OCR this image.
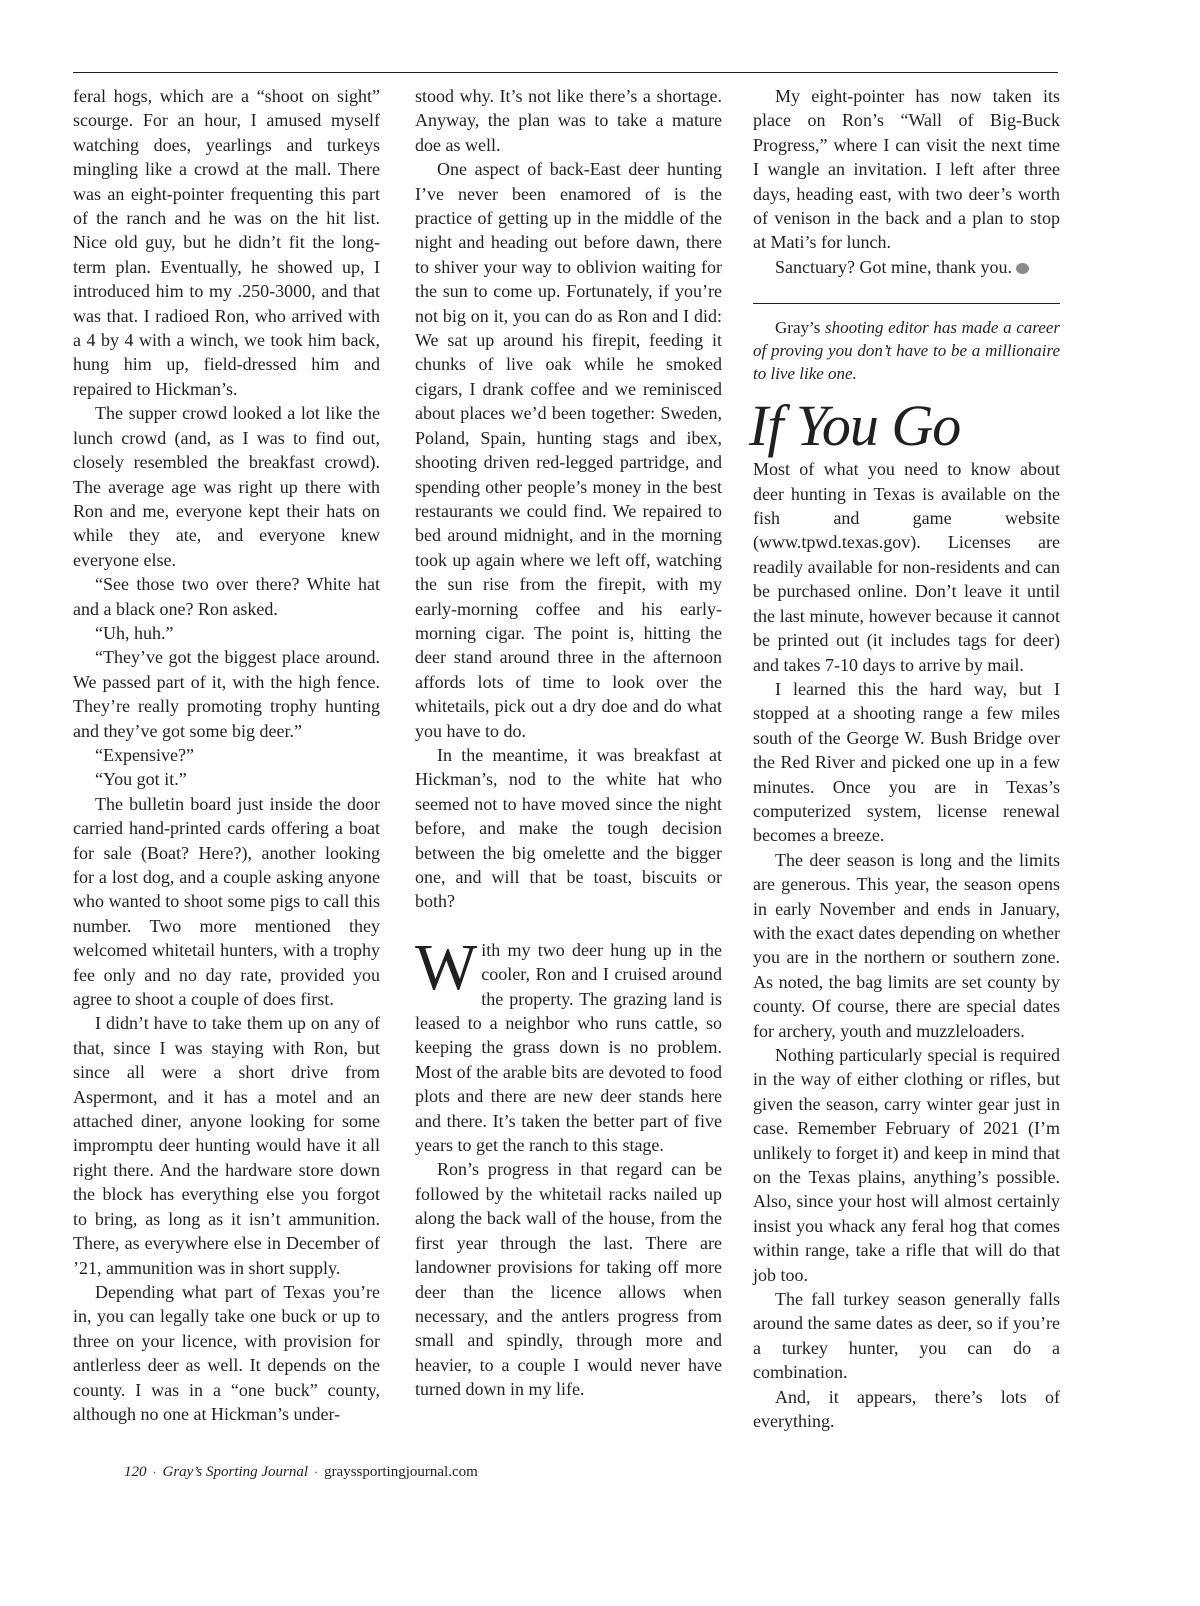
feral hogs, which are a “shoot on sight” scourge. For an hour, I amused myself watching does, yearlings and turkeys mingling like a crowd at the mall. There was an eight-pointer frequenting this part of the ranch and he was on the hit list. Nice old guy, but he didn’t fit the long-term plan. Eventually, he showed up, I introduced him to my .250-3000, and that was that. I radioed Ron, who arrived with a 4 by 4 with a winch, we took him back, hung him up, field-dressed him and repaired to Hickman’s.

The supper crowd looked a lot like the lunch crowd (and, as I was to find out, closely resembled the breakfast crowd). The average age was right up there with Ron and me, everyone kept their hats on while they ate, and everyone knew everyone else.

“See those two over there? White hat and a black one? Ron asked.

“Uh, huh.”

“They’ve got the biggest place around. We passed part of it, with the high fence. They’re really promoting trophy hunting and they’ve got some big deer.”

“Expensive?”

“You got it.”

The bulletin board just inside the door carried hand-printed cards offering a boat for sale (Boat? Here?), another looking for a lost dog, and a couple asking anyone who wanted to shoot some pigs to call this number. Two more mentioned they welcomed whitetail hunters, with a trophy fee only and no day rate, provided you agree to shoot a couple of does first.

I didn’t have to take them up on any of that, since I was staying with Ron, but since all were a short drive from Aspermont, and it has a motel and an attached diner, anyone looking for some impromptu deer hunting would have it all right there. And the hardware store down the block has everything else you forgot to bring, as long as it isn’t ammunition. There, as everywhere else in December of ’21, ammunition was in short supply.

Depending what part of Texas you’re in, you can legally take one buck or up to three on your licence, with provision for antlerless deer as well. It depends on the county. I was in a “one buck” county, although no one at Hickman’s under-

stood why. It’s not like there’s a shortage. Anyway, the plan was to take a mature doe as well.

One aspect of back-East deer hunting I’ve never been enamored of is the practice of getting up in the middle of the night and heading out before dawn, there to shiver your way to oblivion waiting for the sun to come up. Fortunately, if you’re not big on it, you can do as Ron and I did: We sat up around his firepit, feeding it chunks of live oak while he smoked cigars, I drank coffee and we reminisced about places we’d been together: Sweden, Poland, Spain, hunting stags and ibex, shooting driven red-legged partridge, and spending other people’s money in the best restaurants we could find. We repaired to bed around midnight, and in the morning took up again where we left off, watching the sun rise from the firepit, with my early-morning coffee and his early-morning cigar. The point is, hitting the deer stand around three in the afternoon affords lots of time to look over the whitetails, pick out a dry doe and do what you have to do.

In the meantime, it was breakfast at Hickman’s, nod to the white hat who seemed not to have moved since the night before, and make the tough decision between the big omelette and the bigger one, and will that be toast, biscuits or both?

With my two deer hung up in the cooler, Ron and I cruised around the property. The grazing land is leased to a neighbor who runs cattle, so keeping the grass down is no problem. Most of the arable bits are devoted to food plots and there are new deer stands here and there. It’s taken the better part of five years to get the ranch to this stage.

Ron’s progress in that regard can be followed by the whitetail racks nailed up along the back wall of the house, from the first year through the last. There are landowner provisions for taking off more deer than the licence allows when necessary, and the antlers progress from small and spindly, through more and heavier, to a couple I would never have turned down in my life.

My eight-pointer has now taken its place on Ron’s “Wall of Big-Buck Progress,” where I can visit the next time I wangle an invitation. I left after three days, heading east, with two deer’s worth of venison in the back and a plan to stop at Mati’s for lunch.

Sanctuary? Got mine, thank you.

Gray’s shooting editor has made a career of proving you don’t have to be a millionaire to live like one.

If You Go

Most of what you need to know about deer hunting in Texas is available on the fish and game website (www.tpwd.texas.gov). Licenses are readily available for non-residents and can be purchased online. Don’t leave it until the last minute, however because it cannot be printed out (it includes tags for deer) and takes 7-10 days to arrive by mail.

I learned this the hard way, but I stopped at a shooting range a few miles south of the George W. Bush Bridge over the Red River and picked one up in a few minutes. Once you are in Texas’s computerized system, license renewal becomes a breeze.

The deer season is long and the limits are generous. This year, the season opens in early November and ends in January, with the exact dates depending on whether you are in the northern or southern zone. As noted, the bag limits are set county by county. Of course, there are special dates for archery, youth and muzzleloaders.

Nothing particularly special is required in the way of either clothing or rifles, but given the season, carry winter gear just in case. Remember February of 2021 (I’m unlikely to forget it) and keep in mind that on the Texas plains, anything’s possible. Also, since your host will almost certainly insist you whack any feral hog that comes within range, take a rifle that will do that job too.

The fall turkey season generally falls around the same dates as deer, so if you’re a turkey hunter, you can do a combination.

And, it appears, there’s lots of everything.

120 · Gray’s Sporting Journal · grayssportingjournal.com
